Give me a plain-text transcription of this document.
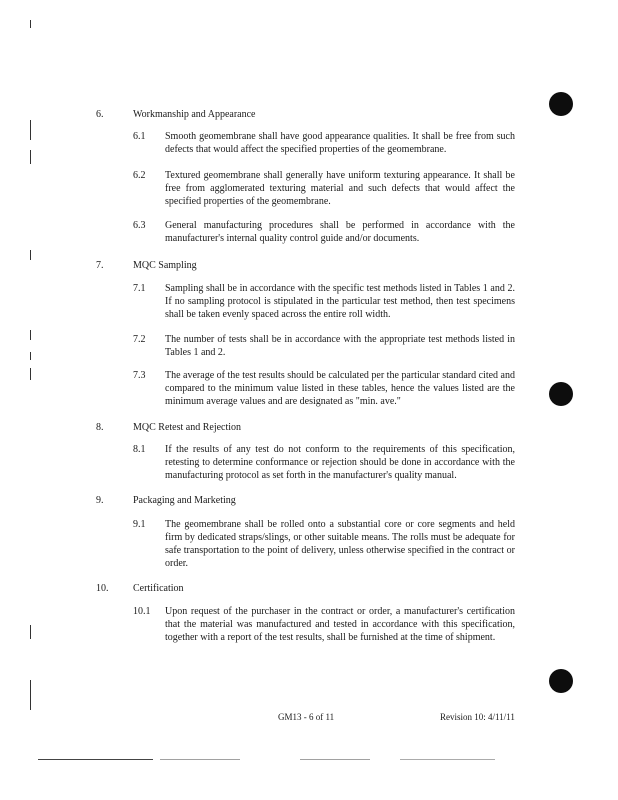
6.	Workmanship and Appearance
6.1	Smooth geomembrane shall have good appearance qualities. It shall be free from such defects that would affect the specified properties of the geomembrane.
6.2	Textured geomembrane shall generally have uniform texturing appearance. It shall be free from agglomerated texturing material and such defects that would affect the specified properties of the geomembrane.
6.3	General manufacturing procedures shall be performed in accordance with the manufacturer's internal quality control guide and/or documents.
7.	MQC Sampling
7.1	Sampling shall be in accordance with the specific test methods listed in Tables 1 and 2. If no sampling protocol is stipulated in the particular test method, then test specimens shall be taken evenly spaced across the entire roll width.
7.2	The number of tests shall be in accordance with the appropriate test methods listed in Tables 1 and 2.
7.3	The average of the test results should be calculated per the particular standard cited and compared to the minimum value listed in these tables, hence the values listed are the minimum average values and are designated as "min. ave."
8.	MQC Retest and Rejection
8.1	If the results of any test do not conform to the requirements of this specification, retesting to determine conformance or rejection should be done in accordance with the manufacturing protocol as set forth in the manufacturer's quality manual.
9.	Packaging and Marketing
9.1	The geomembrane shall be rolled onto a substantial core or core segments and held firm by dedicated straps/slings, or other suitable means. The rolls must be adequate for safe transportation to the point of delivery, unless otherwise specified in the contract or order.
10.	Certification
10.1	Upon request of the purchaser in the contract or order, a manufacturer's certification that the material was manufactured and tested in accordance with this specification, together with a report of the test results, shall be furnished at the time of shipment.
GM13 - 6 of 11	Revision 10: 4/11/11
